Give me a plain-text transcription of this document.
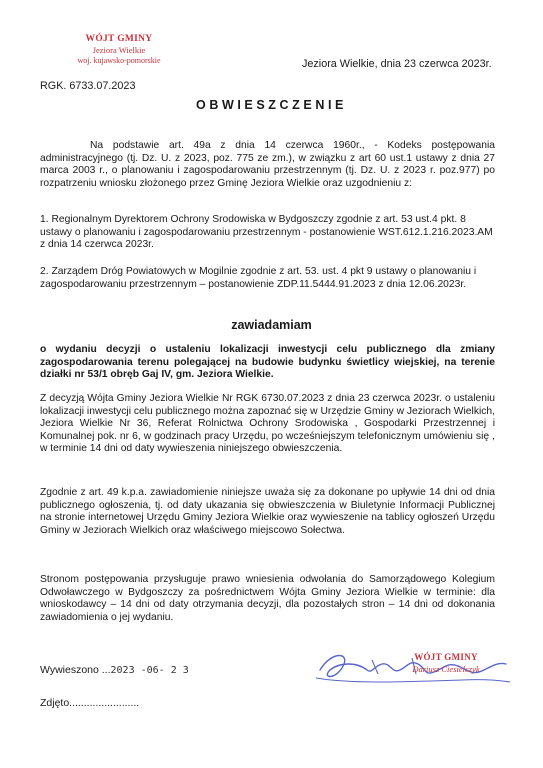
WÓJT GMINY
Jeziora Wielkie
woj. kujawsko-pomorskie	Jeziora Wielkie, dnia 23 czerwca 2023r.
RGK. 6733.07.2023
OBWIESZCZENIE
Na podstawie art. 49a z dnia 14 czerwca 1960r., - Kodeks postępowania administracyjnego (tj. Dz. U. z 2023, poz. 775 ze zm.), w związku z art 60 ust.1 ustawy z dnia 27 marca 2003 r., o planowaniu i zagospodarowaniu przestrzennym (tj. Dz. U. z 2023 r. poz.977) po rozpatrzeniu wniosku złożonego przez Gminę Jeziora Wielkie oraz uzgodnieniu z:
1. Regionalnym Dyrektorem Ochrony Srodowiska w Bydgoszczy zgodnie z art. 53 ust.4 pkt. 8 ustawy o planowaniu i zagospodarowaniu przestrzennym - postanowienie WST.612.1.216.2023.AM z dnia 14 czerwca 2023r.
2. Zarządem Dróg Powiatowych w Mogilnie zgodnie z art. 53. ust. 4 pkt 9 ustawy o planowaniu i zagospodarowaniu przestrzennym – postanowienie ZDP.11.5444.91.2023 z dnia 12.06.2023r.
zawiadamiam
o wydaniu decyzji o ustaleniu lokalizacji inwestycji celu publicznego dla zmiany zagospodarowania terenu polegającej na budowie budynku świetlicy wiejskiej, na terenie działki nr 53/1 obręb Gaj IV, gm. Jeziora Wielkie.
Z decyzją Wójta Gminy Jeziora Wielkie Nr RGK 6730.07.2023 z dnia 23 czerwca 2023r. o ustaleniu lokalizacji inwestycji celu publicznego można zapoznać się w Urzędzie Gminy w Jeziorach Wielkich, Jeziora Wielkie Nr 36, Referat Rolnictwa Ochrony Srodowiska , Gospodarki Przestrzennej i Komunalnej pok. nr 6, w godzinach pracy Urzędu, po wcześniejszym telefonicznym umówieniu się , w terminie 14 dni od daty wywieszenia niniejszego obwieszczenia.
Zgodnie z art. 49 k.p.a. zawiadomienie niniejsze uważa się za dokonane po upływie 14 dni od dnia publicznego ogłoszenia, tj. od daty ukazania się obwieszczenia w Biuletynie Informacji Publicznej na stronie internetowej Urzędu Gminy Jeziora Wielkie oraz wywieszenie na tablicy ogłoszeń Urzędu Gminy w Jeziorach Wielkich oraz właściwego miejscowo Sołectwa.
Stronom postępowania przysługuje prawo wniesienia odwołania do Samorządowego Kolegium Odwoławczego w Bydgoszczy za pośrednictwem Wójta Gminy Jeziora Wielkie w terminie: dla wnioskodawcy – 14 dni od daty otrzymania decyzji, dla pozostałych stron – 14 dni od dokonania zawiadomienia o jej wydaniu.
WÓJT GMINY
Dariusz Ciesielczyk
Wywieszono ...2023 -06- 2 3
Zdjęto........................
